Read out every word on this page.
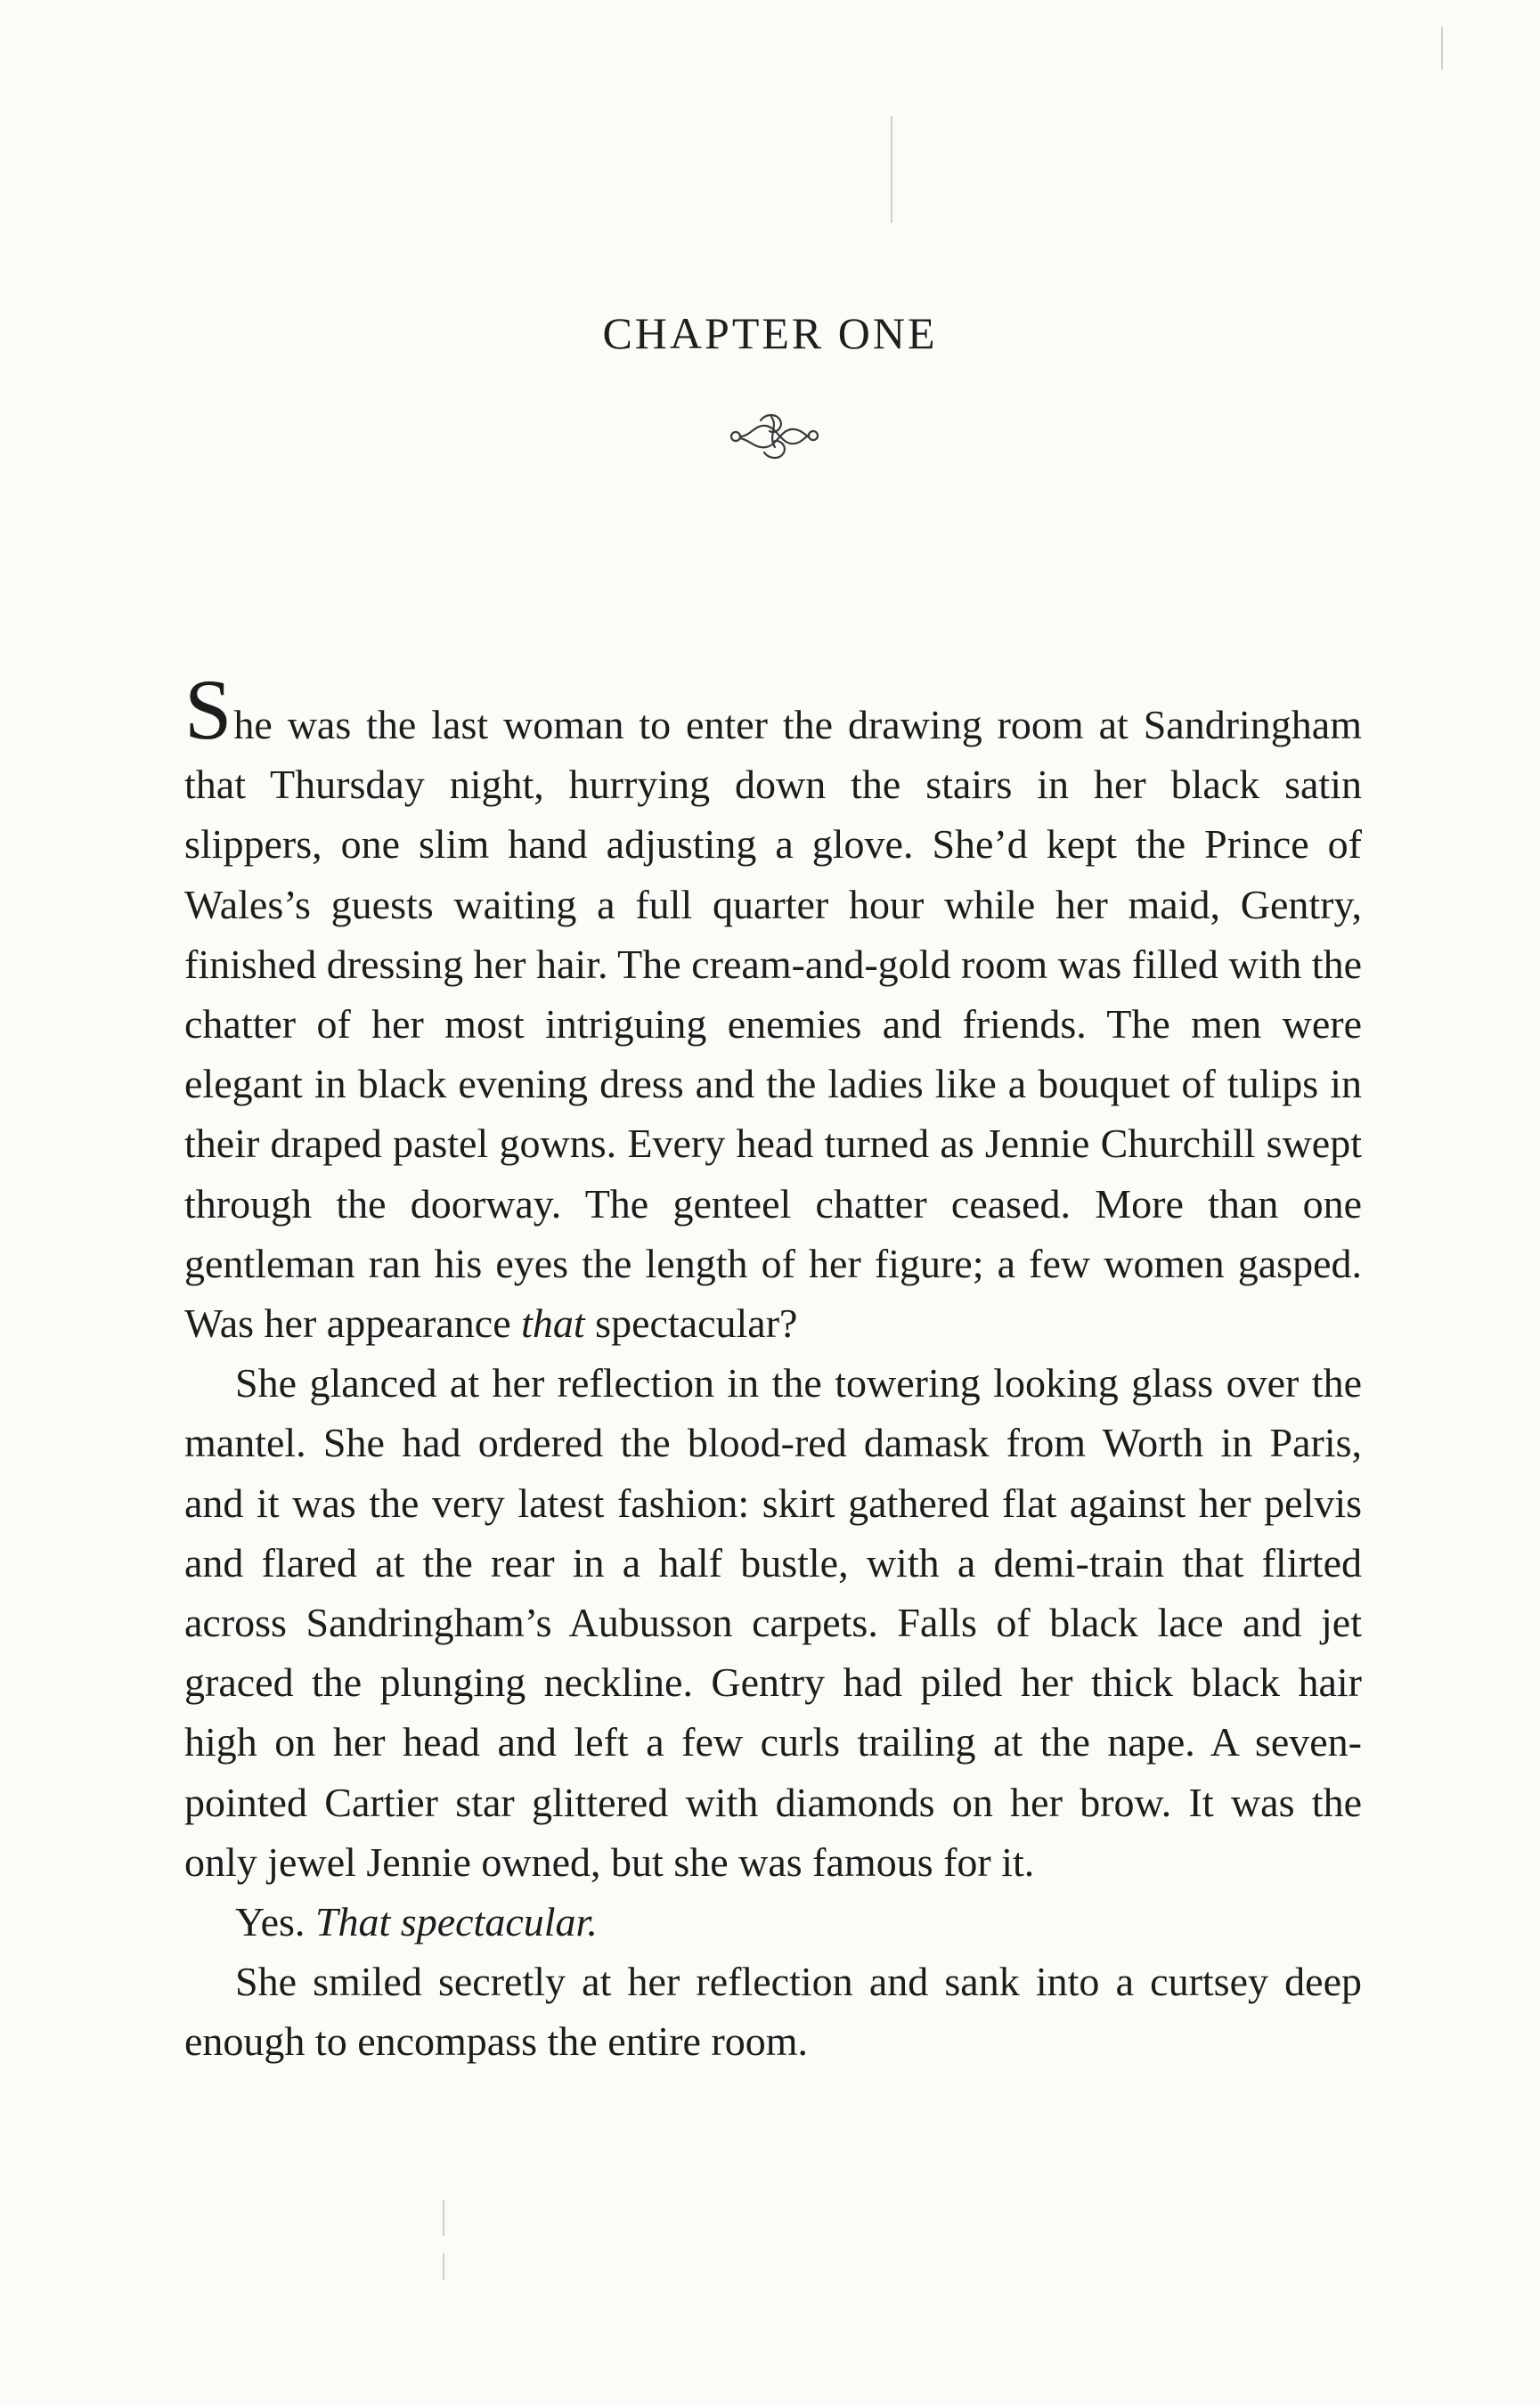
CHAPTER ONE

She was the last woman to enter the drawing room at Sandringham that Thursday night, hurrying down the stairs in her black satin slippers, one slim hand adjusting a glove. She’d kept the Prince of Wales’s guests waiting a full quarter hour while her maid, Gentry, finished dressing her hair. The cream-and-gold room was filled with the chatter of her most intriguing enemies and friends. The men were elegant in black evening dress and the ladies like a bouquet of tulips in their draped pastel gowns. Every head turned as Jennie Churchill swept through the doorway. The genteel chatter ceased. More than one gentleman ran his eyes the length of her figure; a few women gasped. Was her appearance that spectacular?

She glanced at her reflection in the towering looking glass over the mantel. She had ordered the blood-red damask from Worth in Paris, and it was the very latest fashion: skirt gathered flat against her pelvis and flared at the rear in a half bustle, with a demi-train that flirted across Sandringham’s Aubusson carpets. Falls of black lace and jet graced the plunging neckline. Gentry had piled her thick black hair high on her head and left a few curls trailing at the nape. A seven-pointed Cartier star glittered with diamonds on her brow. It was the only jewel Jennie owned, but she was famous for it.

Yes. That spectacular.

She smiled secretly at her reflection and sank into a curtsey deep enough to encompass the entire room.
